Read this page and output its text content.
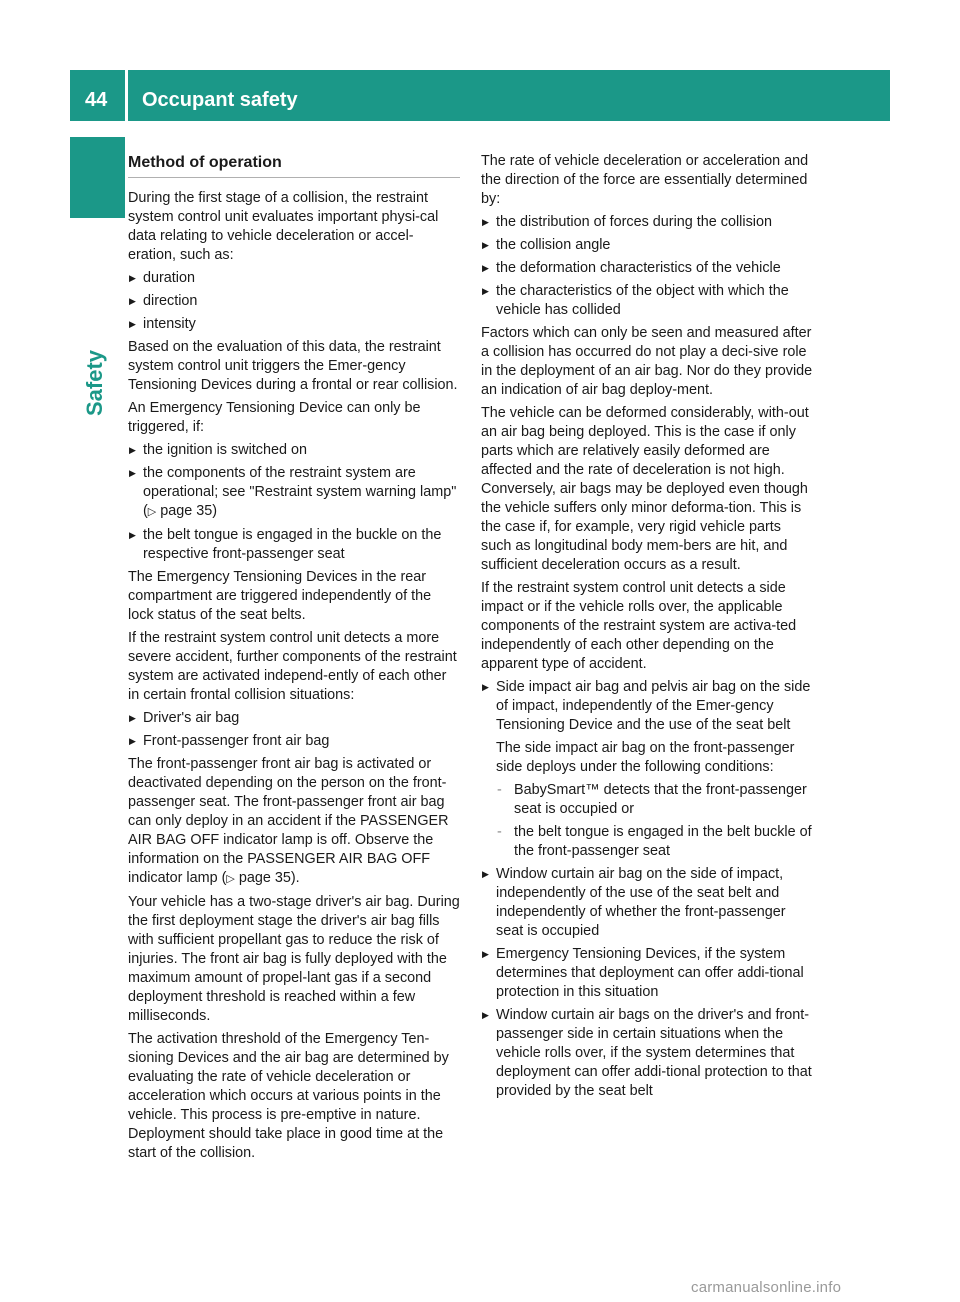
44	Occupant safety
Safety
Method of operation
During the first stage of a collision, the restraint system control unit evaluates important physi-cal data relating to vehicle deceleration or accel-eration, such as:
▶ duration
▶ direction
▶ intensity
Based on the evaluation of this data, the restraint system control unit triggers the Emer-gency Tensioning Devices during a frontal or rear collision.
An Emergency Tensioning Device can only be triggered, if:
▶ the ignition is switched on
▶ the components of the restraint system are operational; see "Restraint system warning lamp" (▷ page 35)
▶ the belt tongue is engaged in the buckle on the respective front-passenger seat
The Emergency Tensioning Devices in the rear compartment are triggered independently of the lock status of the seat belts.
If the restraint system control unit detects a more severe accident, further components of the restraint system are activated independ-ently of each other in certain frontal collision situations:
▶ Driver's air bag
▶ Front-passenger front air bag
The front-passenger front air bag is activated or deactivated depending on the person on the front-passenger seat. The front-passenger front air bag can only deploy in an accident if the PASSENGER AIR BAG OFF indicator lamp is off. Observe the information on the PASSENGER AIR BAG OFF indicator lamp (▷ page 35).
Your vehicle has a two-stage driver's air bag. During the first deployment stage the driver's air bag fills with sufficient propellant gas to reduce the risk of injuries. The front air bag is fully deployed with the maximum amount of propel-lant gas if a second deployment threshold is reached within a few milliseconds.
The activation threshold of the Emergency Ten-sioning Devices and the air bag are determined by evaluating the rate of vehicle deceleration or acceleration which occurs at various points in the vehicle. This process is pre-emptive in nature. Deployment should take place in good time at the start of the collision.
The rate of vehicle deceleration or acceleration and the direction of the force are essentially determined by:
▶ the distribution of forces during the collision
▶ the collision angle
▶ the deformation characteristics of the vehicle
▶ the characteristics of the object with which the vehicle has collided
Factors which can only be seen and measured after a collision has occurred do not play a deci-sive role in the deployment of an air bag. Nor do they provide an indication of air bag deploy-ment.
The vehicle can be deformed considerably, with-out an air bag being deployed. This is the case if only parts which are relatively easily deformed are affected and the rate of deceleration is not high. Conversely, air bags may be deployed even though the vehicle suffers only minor deforma-tion. This is the case if, for example, very rigid vehicle parts such as longitudinal body mem-bers are hit, and sufficient deceleration occurs as a result.
If the restraint system control unit detects a side impact or if the vehicle rolls over, the applicable components of the restraint system are activa-ted independently of each other depending on the apparent type of accident.
▶ Side impact air bag and pelvis air bag on the side of impact, independently of the Emer-gency Tensioning Device and the use of the seat belt
The side impact air bag on the front-passenger side deploys under the following conditions:
- BabySmart™ detects that the front-passenger seat is occupied or
- the belt tongue is engaged in the belt buckle of the front-passenger seat
▶ Window curtain air bag on the side of impact, independently of the use of the seat belt and independently of whether the front-passenger seat is occupied
▶ Emergency Tensioning Devices, if the system determines that deployment can offer addi-tional protection in this situation
▶ Window curtain air bags on the driver's and front-passenger side in certain situations when the vehicle rolls over, if the system determines that deployment can offer addi-tional protection to that provided by the seat belt
carmanualsonline.info
